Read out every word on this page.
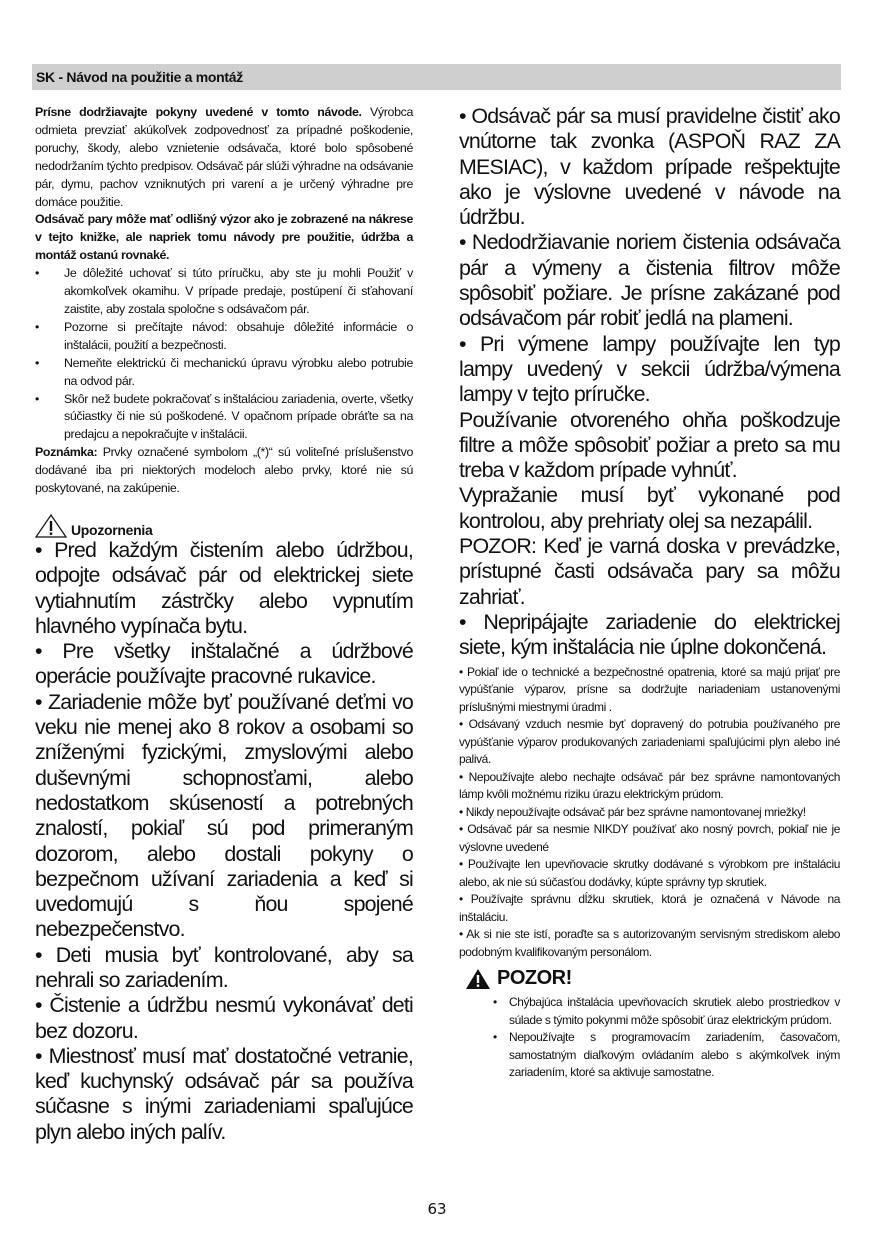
SK - Návod na použitie a montáž

Prísne dodržiavajte pokyny uvedené v tomto návode. Výrobca odmieta prevziať akúkoľvek zodpovednosť za prípadné poškodenie, poruchy, škody, alebo vznietenie odsávača, ktoré bolo spôsobené nedodržaním týchto predpisov. Odsávač pár slúži výhradne na odsávanie pár, dymu, pachov vzniknutých pri varení a je určený výhradne pre domáce použitie.

Odsávač pary môže mať odlišný výzor ako je zobrazené na nákrese v tejto knižke, ale napriek tomu návody pre použitie, údržba a montáž ostanú rovnaké.

• Je dôležité uchovať si túto príručku, aby ste ju mohli Použiť v akomkoľvek okamihu. V prípade predaje, postúpení či sťahovaní zaistite, aby zostala spoločne s odsávačom pár.
• Pozorne si prečítajte návod: obsahuje dôležité informácie o inštalácii, použití a bezpečnosti.
• Nemeňte elektrickú či mechanickú úpravu výrobku alebo potrubie na odvod pár.
• Skôr než budete pokračovať s inštaláciou zariadenia, overte, všetky súčiastky či nie sú poškodené. V opačnom prípade obráťte sa na predajcu a nepokračujte v inštalácii.

Poznámka: Prvky označené symbolom „(*)“ sú voliteľné príslušenstvo dodávané iba pri niektorých modeloch alebo prvky, ktoré nie sú poskytované, na zakúpenie.

Upozornenia

• Pred každým čistením alebo údržbou, odpojte odsávač pár od elektrickej siete vytiahnutím zástrčky alebo vypnutím hlavného vypínača bytu.

• Pre všetky inštalačné a údržbové operácie používajte pracovné rukavice.

• Zariadenie môže byť používané deťmi vo veku nie menej ako 8 rokov a osobami so zníženými fyzickými, zmyslovými alebo duševnými schopnosťami, alebo nedostatkom skúseností a potrebných znalostí, pokiaľ sú pod primeraným dozorom, alebo dostali pokyny o bezpečnom užívaní zariadenia a keď si uvedomujú s ňou spojené nebezpečenstvo.

• Deti musia byť kontrolované, aby sa nehrali so zariadením.

• Čistenie a údržbu nesmú vykonávať deti bez dozoru.

• Miestnosť musí mať dostatočné vetranie, keď kuchynský odsávač pár sa používa súčasne s inými zariadeniami spaľujúce plyn alebo iných palív.

• Odsávač pár sa musí pravidelne čistiť ako vnútorne tak zvonka (ASPOŇ RAZ ZA MESIAC), v každom prípade rešpektujte ako je výslovne uvedené v návode na údržbu.

• Nedodržiavanie noriem čistenia odsávača pár a výmeny a čistenia filtrov môže spôsobiť požiare. Je prísne zakázané pod odsávačom pár robiť jedlá na plameni.

• Pri výmene lampy používajte len typ lampy uvedený v sekcii údržba/výmena lampy v tejto príručke.

Používanie otvoreného ohňa poškodzuje filtre a môže spôsobiť požiar a preto sa mu treba v každom prípade vyhnúť.

Vypražanie musí byť vykonané pod kontrolou, aby prehriaty olej sa nezapálil.

POZOR: Keď je varná doska v prevádzke, prístupné časti odsávača pary sa môžu zahriať.

• Nepripájajte zariadenie do elektrickej siete, kým inštalácia nie úplne dokončená.

• Pokiaľ ide o technické a bezpečnostné opatrenia, ktoré sa majú prijať pre vypúšťanie výparov, prísne sa dodržujte nariadeniam ustanovenými príslušnými miestnymi úradmi .

• Odsávaný vzduch nesmie byť dopravený do potrubia používaného pre vypúšťanie výparov produkovaných zariadeniami spaľujúcimi plyn alebo iné palivá.

• Nepoužívajte alebo nechajte odsávač pár bez správne namontovaných lámp kvôli možnému riziku úrazu elektrickým prúdom.

• Nikdy nepoužívajte odsávač pár bez správne namontovanej mriežky!

• Odsávač pár sa nesmie NIKDY používať ako nosný povrch, pokiaľ nie je výslovne uvedené

• Používajte len upevňovacie skrutky dodávané s výrobkom pre inštaláciu alebo, ak nie sú súčasťou dodávky, kúpte správny typ skrutiek.

• Používajte správnu dĺžku skrutiek, ktorá je označená v Návode na inštaláciu.

• Ak si nie ste istí, poraďte sa s autorizovaným servisným strediskom alebo podobným kvalifikovaným personálom.

POZOR!
• Chýbajúca inštalácia upevňovacích skrutiek alebo prostriedkov v súlade s týmito pokynmi môže spôsobiť úraz elektrickým prúdom.
• Nepoužívajte s programovacím zariadením, časovačom, samostatným diaľkovým ovládaním alebo s akýmkoľvek iným zariadením, ktoré sa aktivuje samostatne.
63
